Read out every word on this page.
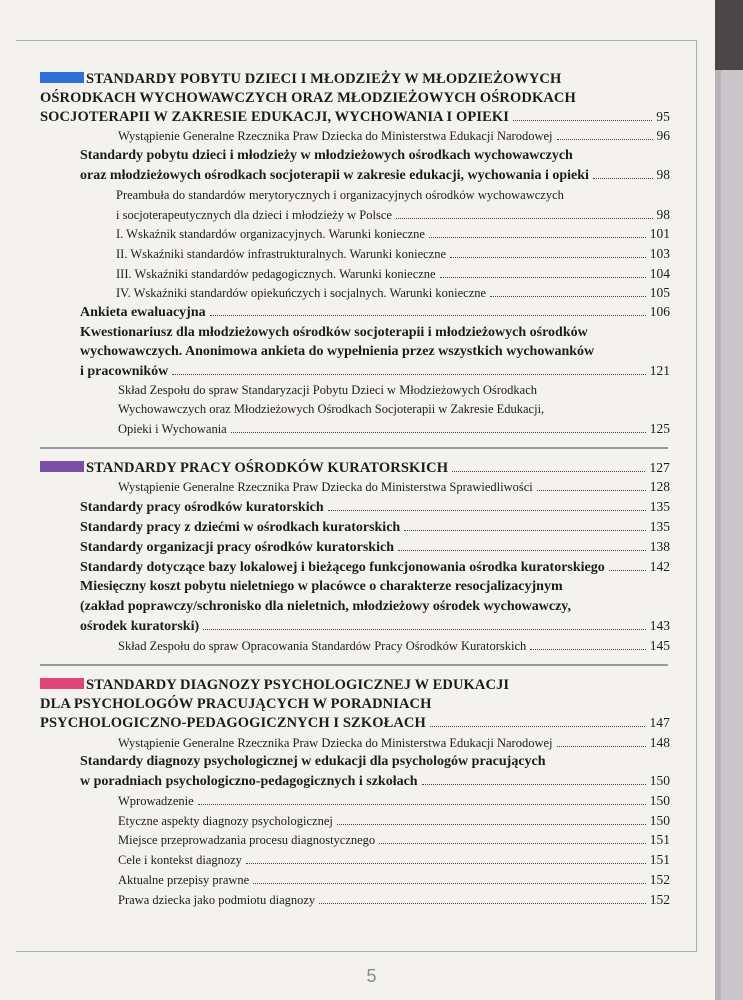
STANDARDY POBYTU DZIECI I MŁODZIEŻY W MŁODZIEŻOWYCH
OŚRODKACH WYCHOWAWCZYCH ORAZ MŁODZIEŻOWYCH OŚRODKACH
SOCJOTERAPII W ZAKRESIE EDUKACJI, WYCHOWANIA I OPIEKI	95
Wystąpienie Generalne Rzecznika Praw Dziecka do Ministerstwa Edukacji Narodowej	96
Standardy pobytu dzieci i młodzieży w młodzieżowych ośrodkach wychowawczych
oraz młodzieżowych ośrodkach socjoterapii w zakresie edukacji, wychowania i opieki	98
Preambuła do standardów merytorycznych i organizacyjnych ośrodków wychowawczych
i socjoterapeutycznych dla dzieci i młodzieży w Polsce	98
I. Wskaźnik standardów organizacyjnych. Warunki konieczne	101
II. Wskaźniki standardów infrastrukturalnych. Warunki konieczne	103
III. Wskaźniki standardów pedagogicznych. Warunki konieczne	104
IV. Wskaźniki standardów opiekuńczych i socjalnych. Warunki konieczne	105
Ankieta ewaluacyjna	106
Kwestionariusz dla młodzieżowych ośrodków socjoterapii i młodzieżowych ośrodków
wychowawczych. Anonimowa ankieta do wypełnienia przez wszystkich wychowanków
i pracowników	121
Skład Zespołu do spraw Standaryzacji Pobytu Dzieci w Młodzieżowych Ośrodkach
Wychowawczych oraz Młodzieżowych Ośrodkach Socjoterapii w Zakresie Edukacji,
Opieki i Wychowania	125
STANDARDY PRACY OŚRODKÓW KURATORSKICH	127
Wystąpienie Generalne Rzecznika Praw Dziecka do Ministerstwa Sprawiedliwości	128
Standardy pracy ośrodków kuratorskich	135
Standardy pracy z dziećmi w ośrodkach kuratorskich	135
Standardy organizacji pracy ośrodków kuratorskich	138
Standardy dotyczące bazy lokalowej i bieżącego funkcjonowania ośrodka kuratorskiego	142
Miesięczny koszt pobytu nieletniego w placówce o charakterze resocjalizacyjnym
(zakład poprawczy/schronisko dla nieletnich, młodzieżowy ośrodek wychowawczy,
ośrodek kuratorski)	143
Skład Zespołu do spraw Opracowania Standardów Pracy Ośrodków Kuratorskich	145
STANDARDY DIAGNOZY PSYCHOLOGICZNEJ W EDUKACJI
DLA PSYCHOLOGÓW PRACUJĄCYCH W PORADNIACH
PSYCHOLOGICZNO-PEDAGOGICZNYCH I SZKOŁACH	147
Wystąpienie Generalne Rzecznika Praw Dziecka do Ministerstwa Edukacji Narodowej	148
Standardy diagnozy psychologicznej w edukacji dla psychologów pracujących
w poradniach psychologiczno-pedagogicznych i szkołach	150
Wprowadzenie	150
Etyczne aspekty diagnozy psychologicznej	150
Miejsce przeprowadzania procesu diagnostycznego	151
Cele i kontekst diagnozy	151
Aktualne przepisy prawne	152
Prawa dziecka jako podmiotu diagnozy	152
5
